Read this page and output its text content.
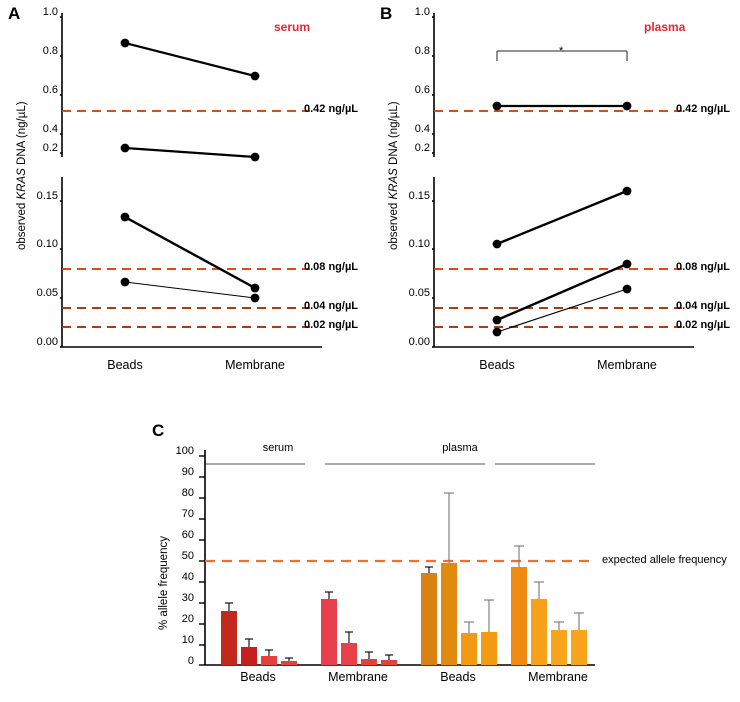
A
serum
observed KRAS DNA (ng/µL)
1.0
0.8
0.6
0.4
0.2
0.15
0.10
0.05
0.00
0.42 ng/µL
0.08 ng/µL
0.04 ng/µL
0.02 ng/µL
Beads	Membrane
B
plasma
observed KRAS DNA (ng/µL)
1.0
0.8
0.6
0.4
0.2
0.15
0.10
0.05
0.00
*
0.42 ng/µL
0.08 ng/µL
0.04 ng/µL
0.02 ng/µL
Beads	Membrane
C
% allele frequency
100
90
80
70
60
50
40
30
20
10
0
serum	plasma
expected allele frequency
Beads	Membrane	Beads	Membrane
